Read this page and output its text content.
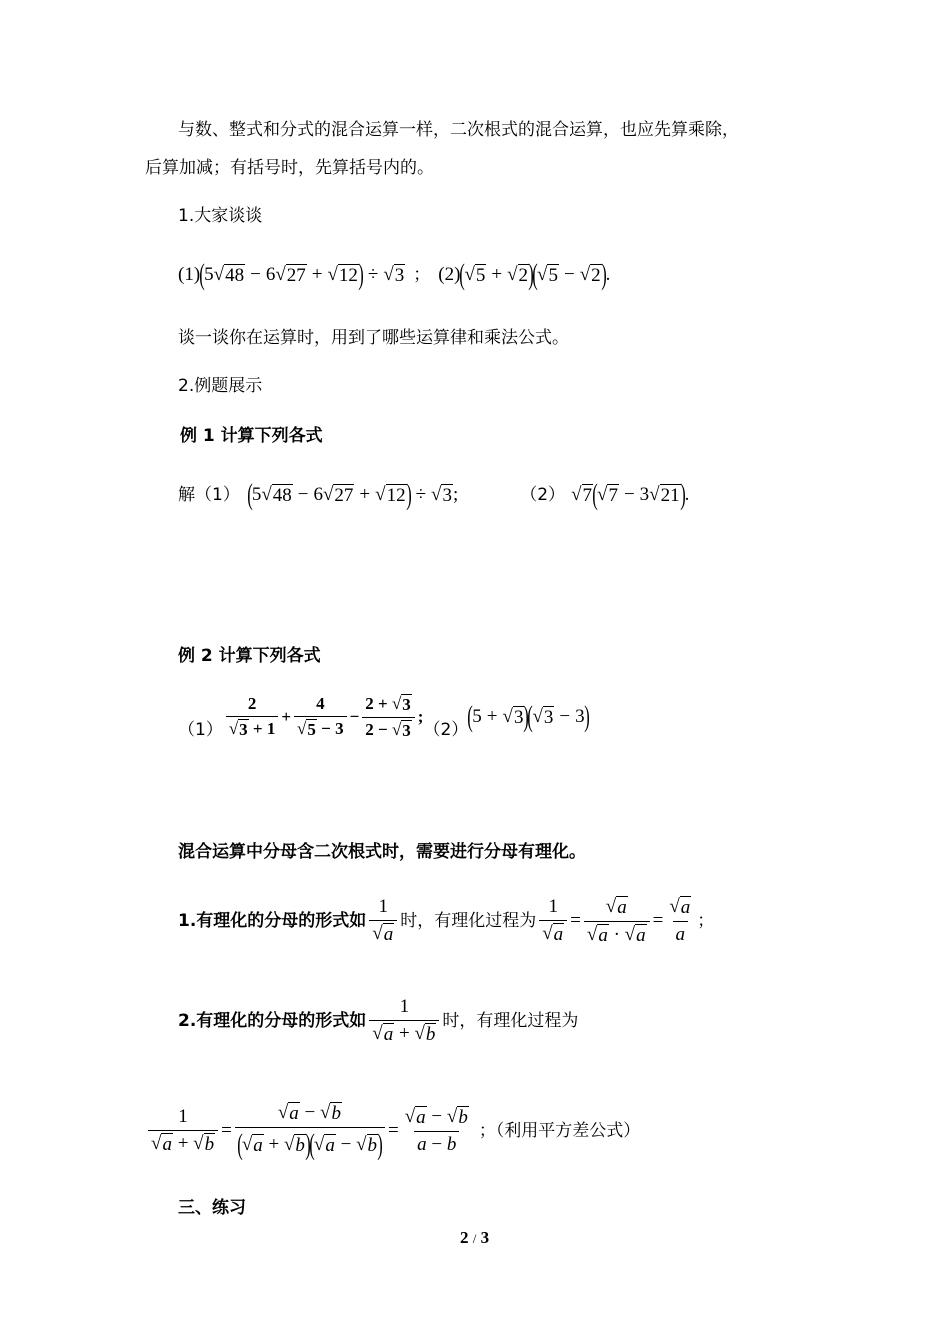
与数、整式和分式的混合运算一样，二次根式的混合运算，也应先算乘除，
后算加减；有括号时，先算括号内的。
1.大家谈谈
(1) ( 5
√ 48 − 6
√ 27 +
√ 12 ) ÷
√ 3 ； (2) (
√ 5 +
√ 2 )
(
√ 5 −
√ 2 ) .
谈一谈你在运算时，用到了哪些运算律和乘法公式。
2.例题展示
例 1 计算下列各式
解（1） ( 5
√ 48 − 6
√ 27 +
√ 12 ) ÷
√ 3 ;	（2）
√ 7 (
√ 7 − 3
√ 21 ) .
例 2 计算下列各式
（1） 2
√
3 + 1 + 4
√
5 − 3 − 2 +
√ 3
2 −
√ 3 ;
（2） ( 5 +
√ 3 )
(
√ 3 − 3 )
混合运算中分母含二次根式时，需要进行分母有理化。
1.有理化的分母的形式如 1
√
a 时，有理化过程为 1
√
a =
√ a
√
a ·
√ a =
√ $\frac{a}{a}$ ；
2.有理化的分母的形式如 1
√
a +
√ b 时，有理化过程为
1
√
a +
√ b =
√ a −
√ b
(
√ a +
√ b )
(
√ a −
√ b ) =
√ a −
√ b
a − b ；（利用平方差公式）
三、练习
2 / 3
